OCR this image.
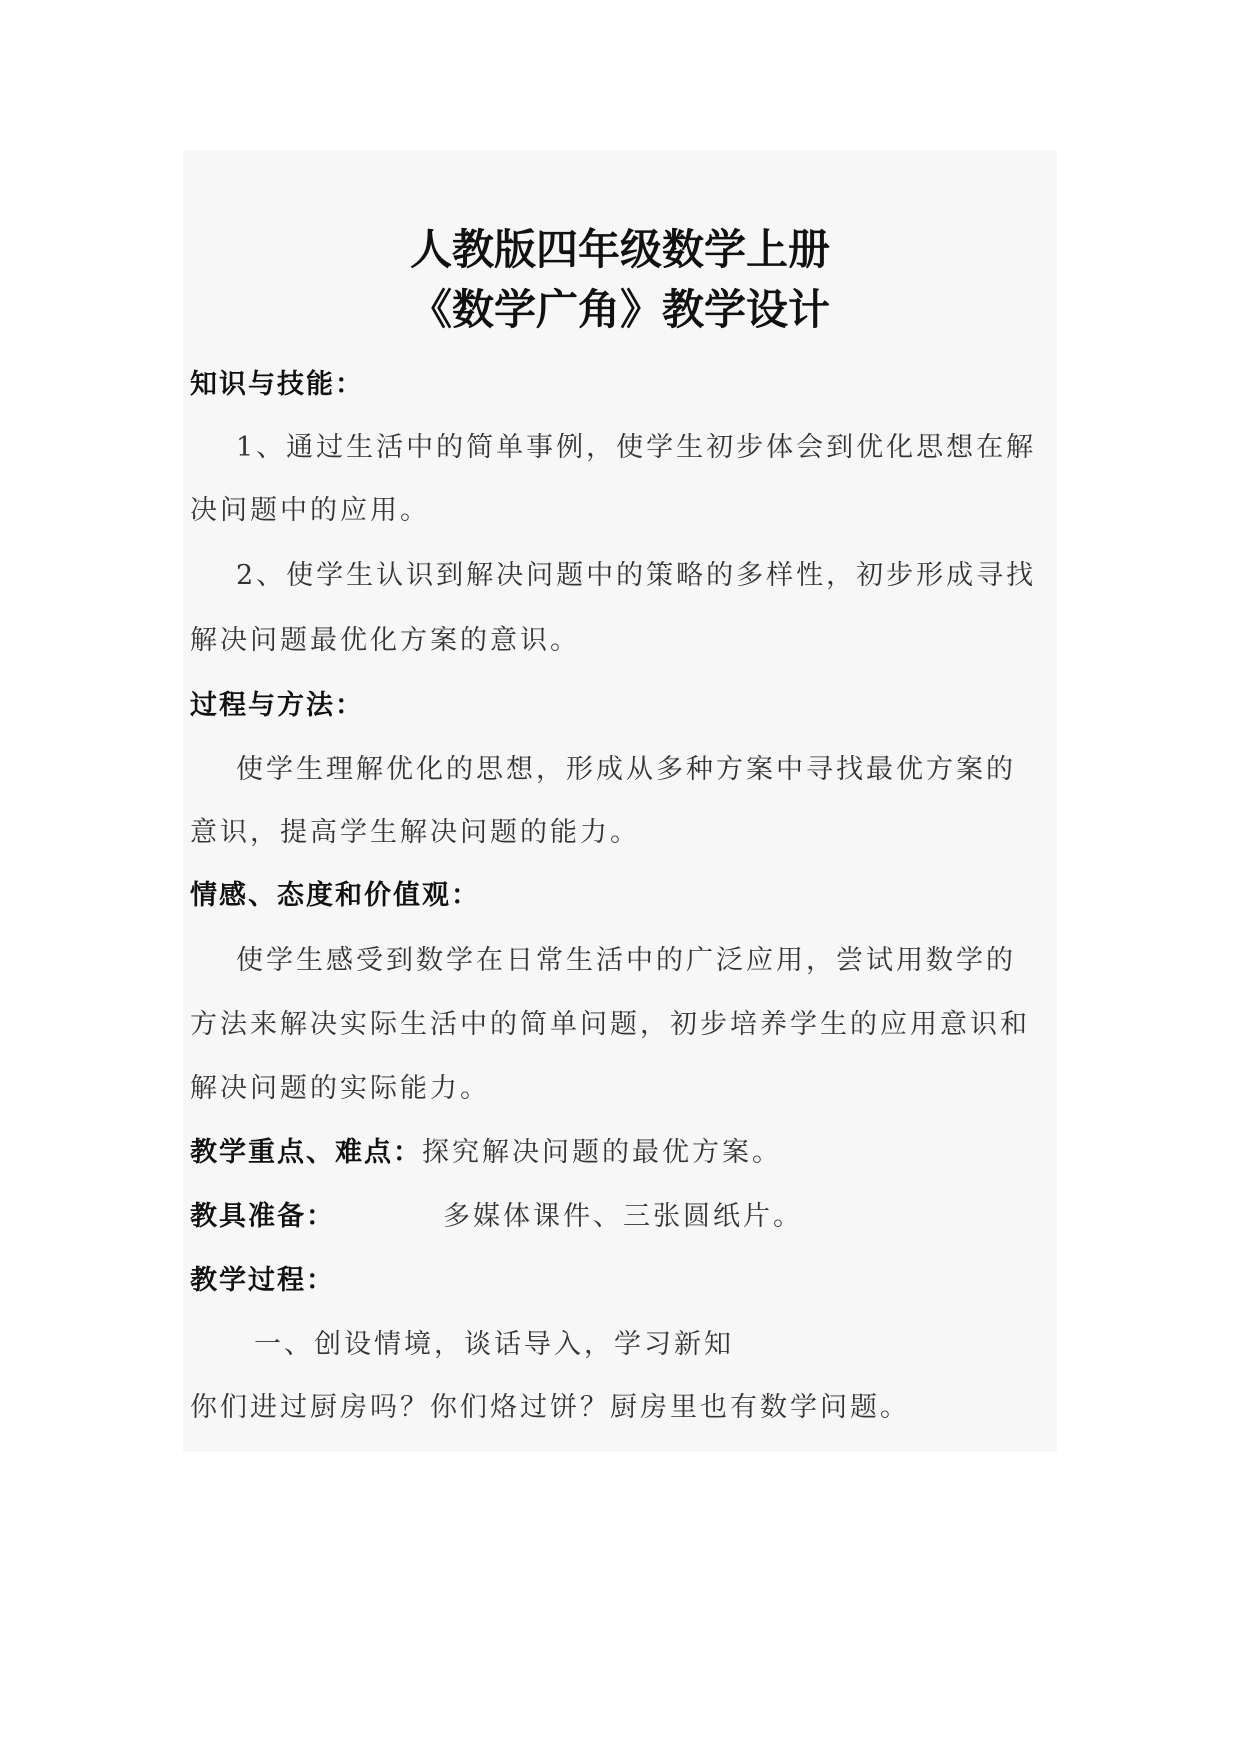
人教版四年级数学上册
《数学广角》教学设计
知识与技能：
1、通过生活中的简单事例，使学生初步体会到优化思想在解
决问题中的应用。
2、使学生认识到解决问题中的策略的多样性，初步形成寻找
解决问题最优化方案的意识。
过程与方法：
使学生理解优化的思想，形成从多种方案中寻找最优方案的
意识，提高学生解决问题的能力。
情感、态度和价值观：
使学生感受到数学在日常生活中的广泛应用，尝试用数学的
方法来解决实际生活中的简单问题，初步培养学生的应用意识和
解决问题的实际能力。
教学重点、难点：探究解决问题的最优方案。
教具准备：	多媒体课件、三张圆纸片。
教学过程：
一、创设情境，谈话导入，学习新知
你们进过厨房吗？你们烙过饼？厨房里也有数学问题。
